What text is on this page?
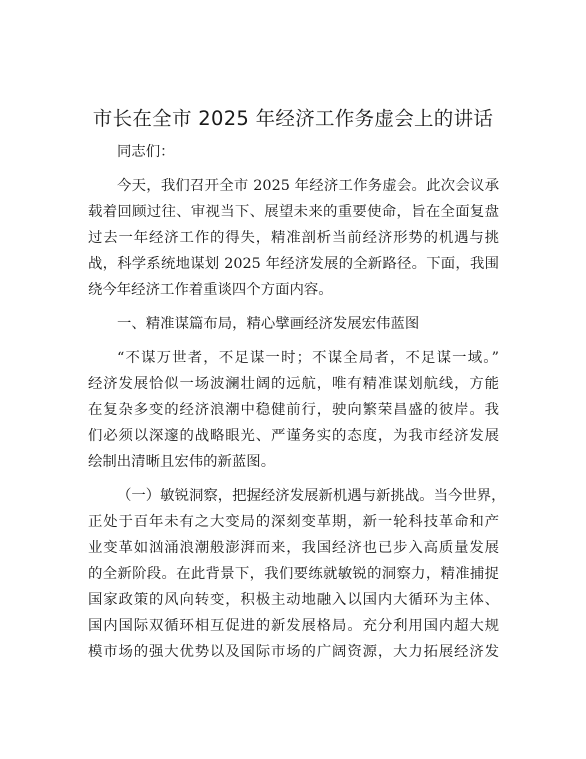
市长在全市 2025 年经济工作务虚会上的讲话
同志们：
今天，我们召开全市 2025 年经济工作务虚会。此次会议承
载着回顾过往、审视当下、展望未来的重要使命，旨在全面复盘
过去一年经济工作的得失，精准剖析当前经济形势的机遇与挑
战，科学系统地谋划 2025 年经济发展的全新路径。下面，我围
绕今年经济工作着重谈四个方面内容。
一、精准谋篇布局，精心擘画经济发展宏伟蓝图
“不谋万世者，不足谋一时；不谋全局者，不足谋一域。”
经济发展恰似一场波澜壮阔的远航，唯有精准谋划航线，方能
在复杂多变的经济浪潮中稳健前行，驶向繁荣昌盛的彼岸。我
们必须以深邃的战略眼光、严谨务实的态度，为我市经济发展
绘制出清晰且宏伟的新蓝图。
（一）敏锐洞察，把握经济发展新机遇与新挑战。当今世界，
正处于百年未有之大变局的深刻变革期，新一轮科技革命和产
业变革如汹涌浪潮般澎湃而来，我国经济也已步入高质量发展
的全新阶段。在此背景下，我们要练就敏锐的洞察力，精准捕捉
国家政策的风向转变，积极主动地融入以国内大循环为主体、
国内国际双循环相互促进的新发展格局。充分利用国内超大规
模市场的强大优势以及国际市场的广阔资源，大力拓展经济发
